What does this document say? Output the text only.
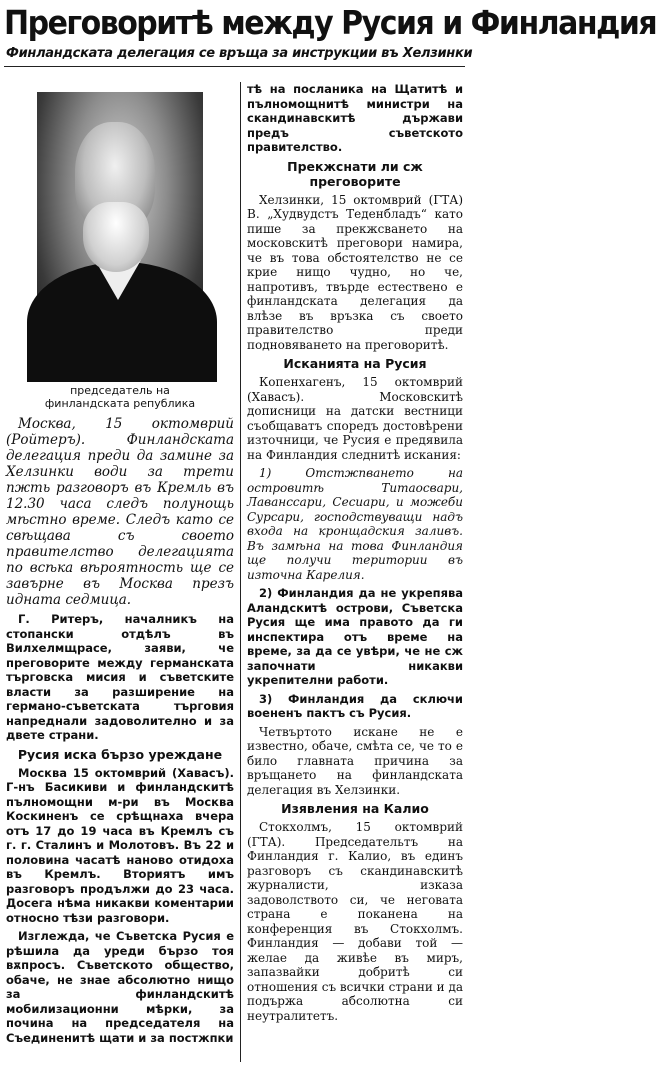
Преговоритѣ между Русия и Финландия
Финландската делегация се връща за инструкции въ Хелзинки
председатель на финландската република

Москва, 15 октомврий (Ройтеръ). Финландската делегация преди да замине за Хелзинки води за трети пжть разговоръ въ Кремль въ 12.30 часа следъ полунощь мѣстно време. Следъ като се свѣщава съ своето правителство делегацията по всѣка вѣроятность ще се завърне въ Москва презъ идната седмица.

Г. Ритеръ, началникъ на стопански отдѣлъ въ Вилхелмщрасе, заяви, че преговорите между германската търговска мисия и съветските власти за разширение на германо-съветската търговия напреднали задоволително и за двете страни.

Русия иска бързо уреждане

Москва 15 октомврий (Хавасъ). Г-нъ Басикиви и финландскитѣ пълномощни м-ри въ Москва Коскиненъ се срѣщнаха вчера отъ 17 до 19 часа въ Кремлъ съ г. г. Сталинъ и Молотовъ. Въ 22 и половина часатѣ наново отидоха въ Кремлъ. Вториятъ имъ разговоръ продължи до 23 часа. Досега нѣма никакви коментарии относно тѣзи разговори.

Изглежда, че Съветска Русия е рѣшила да уреди бързо тоя вѫпросъ. Съветското общество, обаче, не знае абсолютно нищо за финландскитѣ мобилизационни мѣрки, за почина на председателя на Съединенитѣ щати и за постжпки

тѣ на посланика на Щатитѣ и пълномощнитѣ министри на скандинавскитѣ държави предъ съветското правителство.

Прекжснати ли сж преговорите

Хелзинки, 15 октомврий (ГТА) В. „Худвудстъ Теденбладъ“ като пише за прекжсването на московскитѣ преговори намира, че въ това обстоятелство не се крие нищо чудно, но че, напротивъ, твърде естествено е финландската делегация да влѣзе въ връзка съ своето правителство преди подновяването на преговоритѣ.

Исканията на Русия

Копенхагенъ, 15 октомврий (Хавасъ). Московскитѣ дописници на датски вестници съобщаватъ споредъ достовѣрени източници, че Русия е предявила на Финландия следнитѣ искания:

1) Отстжпването на островитѣ Титаосвари, Лаванссари, Сесиари, и можеби Сурсари, господствуващи надъ входа на кронщадския заливъ. Въ замѣна на това Финландия ще получи територии въ източна Карелия.

2) Финландия да не укрепява Аландскитѣ острови, Съветска Русия ще има правото да ги инспектира отъ време на време, за да се увѣри, че не сж започнати никакви укрепителни работи.

3) Финландия да сключи воененъ пактъ съ Русия.

Четвъртото искане не е известно, обаче, смѣта се, че то е било главната причина за връщането на финландската делегация въ Хелзинки.

Изявления на Калио

Стокхолмъ, 15 октомврий (ГТА). Председательтъ на Финландия г. Калио, въ единъ разговоръ съ скандинавскитѣ журналисти, изказа задоволството си, че неговата страна е поканена на конференция въ Стокхолмъ. Финландия — добави той — желае да живѣе въ миръ, запазвайки добритѣ си отношения съ всички страни и да подържа абсолютна си неутралитетъ.
